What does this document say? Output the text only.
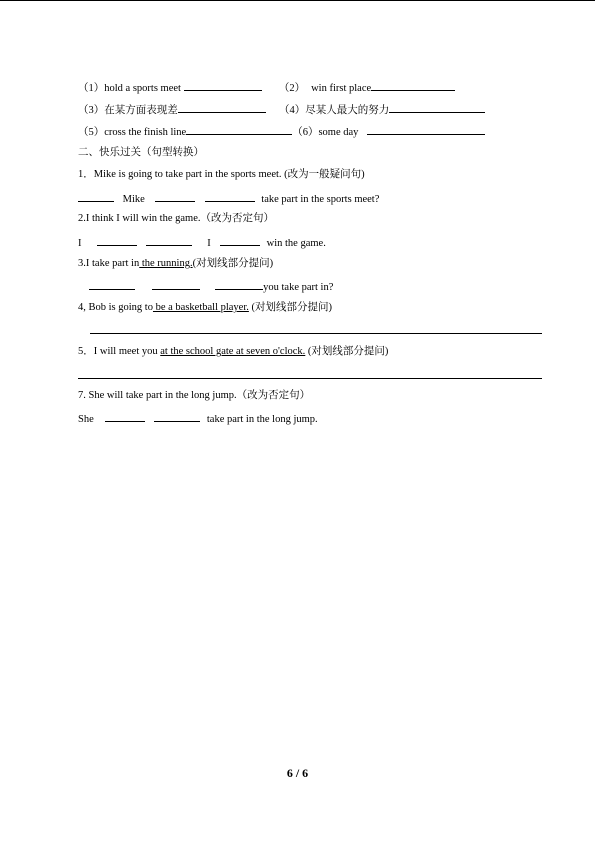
（1）hold a sports meet	（2） win first place
（3）在某方面表现差	（4）尽某人最大的努力
（5）cross the finish line	（6）some day
二、快乐过关（句型转换）
1．Mike is going to take part in the sports meet. (改为一般疑问句)
Mike	take part in the sports meet?
2.I think I will win the game.（改为否定句）
I	I	win the game.
3.I take part in the running.(对划线部分提问)
you take part in?
4, Bob is going to be a basketball player. (对划线部分提问)
5．I will meet you at the school gate at seven o'clock. (对划线部分提问)
7. She will take part in the long jump.（改为否定句）
She	take part in the long jump.
6 / 6
